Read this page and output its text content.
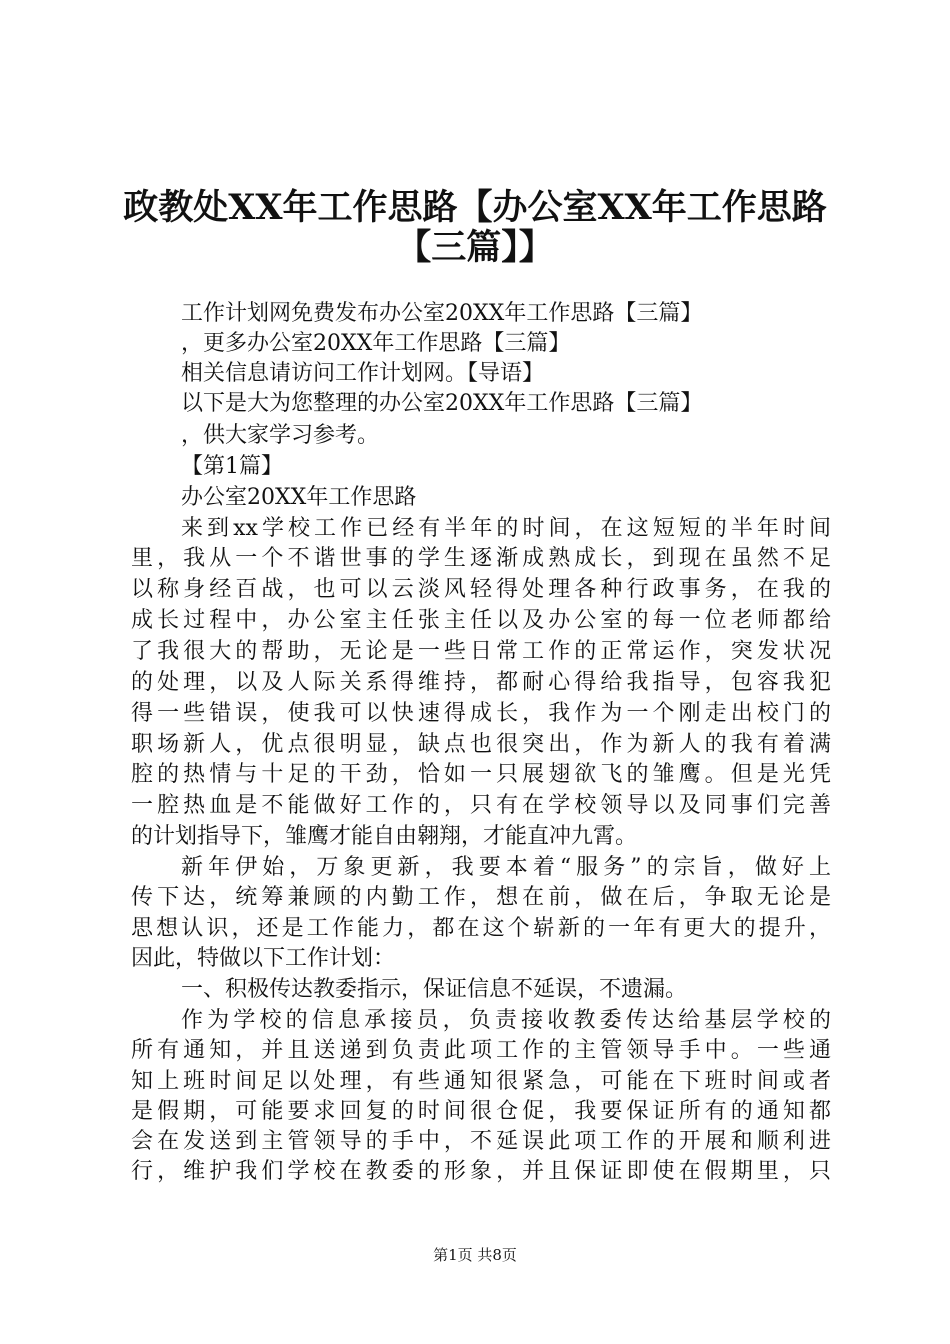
政教处XX年工作思路【办公室XX年工作思路
【三篇】】
工作计划网免费发布办公室20XX年工作思路【三篇】
，更多办公室20XX年工作思路【三篇】
相关信息请访问工作计划网。【导语】
以下是大为您整理的办公室20XX年工作思路【三篇】
，供大家学习参考。
【第1篇】
办公室20XX年工作思路
来到xx学校工作已经有半年的时间，在这短短的半年时间
里，我从一个不谐世事的学生逐渐成熟成长，到现在虽然不足
以称身经百战，也可以云淡风轻得处理各种行政事务，在我的
成长过程中，办公室主任张主任以及办公室的每一位老师都给
了我很大的帮助，无论是一些日常工作的正常运作，突发状况
的处理，以及人际关系得维持，都耐心得给我指导，包容我犯
得一些错误，使我可以快速得成长，我作为一个刚走出校门的
职场新人，优点很明显，缺点也很突出，作为新人的我有着满
腔的热情与十足的干劲，恰如一只展翅欲飞的雏鹰。但是光凭
一腔热血是不能做好工作的，只有在学校领导以及同事们完善
的计划指导下，雏鹰才能自由翱翔，才能直冲九霄。
新年伊始，万象更新，我要本着“服务”的宗旨，做好上
传下达，统筹兼顾的内勤工作，想在前，做在后，争取无论是
思想认识，还是工作能力，都在这个崭新的一年有更大的提升，
因此，特做以下工作计划：
一、积极传达教委指示，保证信息不延误，不遗漏。
作为学校的信息承接员，负责接收教委传达给基层学校的
所有通知，并且送递到负责此项工作的主管领导手中。一些通
知上班时间足以处理，有些通知很紧急，可能在下班时间或者
是假期，可能要求回复的时间很仓促，我要保证所有的通知都
会在发送到主管领导的手中，不延误此项工作的开展和顺利进
行，维护我们学校在教委的形象，并且保证即使在假期里，只
第1页 共8页
